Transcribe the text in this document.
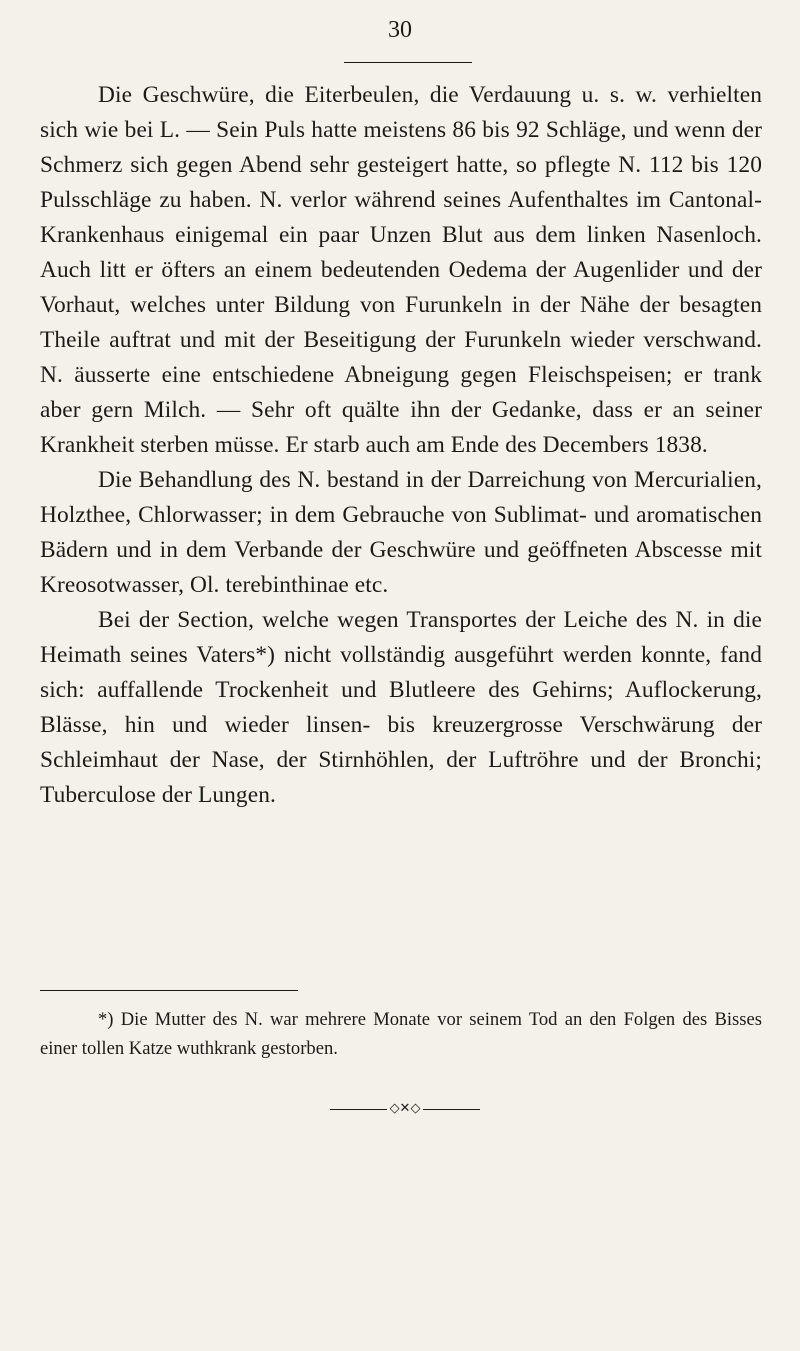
30

Die Geschwüre, die Eiterbeulen, die Verdauung u. s. w. verhielten sich wie bei L. — Sein Puls hatte meistens 86 bis 92 Schläge, und wenn der Schmerz sich gegen Abend sehr gesteigert hatte, so pflegte N. 112 bis 120 Pulsschläge zu haben. N. verlor während seines Aufenthaltes im Cantonal-Krankenhaus einigemal ein paar Unzen Blut aus dem linken Nasenloch. Auch litt er öfters an einem bedeutenden Oedema der Augenlider und der Vorhaut, welches unter Bildung von Furunkeln in der Nähe der besagten Theile auftrat und mit der Beseitigung der Furunkeln wieder verschwand. N. äusserte eine entschiedene Abneigung gegen Fleischspeisen; er trank aber gern Milch. — Sehr oft quälte ihn der Gedanke, dass er an seiner Krankheit sterben müsse. Er starb auch am Ende des Decembers 1838.

Die Behandlung des N. bestand in der Darreichung von Mercurialien, Holzthee, Chlorwasser; in dem Gebrauche von Sublimat- und aromatischen Bädern und in dem Verbande der Geschwüre und geöffneten Abscesse mit Kreosotwasser, Ol. terebinthinae etc.

Bei der Section, welche wegen Transportes der Leiche des N. in die Heimath seines Vaters*) nicht vollständig ausgeführt werden konnte, fand sich: auffallende Trockenheit und Blutleere des Gehirns; Auflockerung, Blässe, hin und wieder linsen- bis kreuzergrosse Verschwärung der Schleimhaut der Nase, der Stirnhöhlen, der Luftröhre und der Bronchi; Tuberculose der Lungen.

*) Die Mutter des N. war mehrere Monate vor seinem Tod an den Folgen des Bisses einer tollen Katze wuthkrank gestorben.

◇✕◇
